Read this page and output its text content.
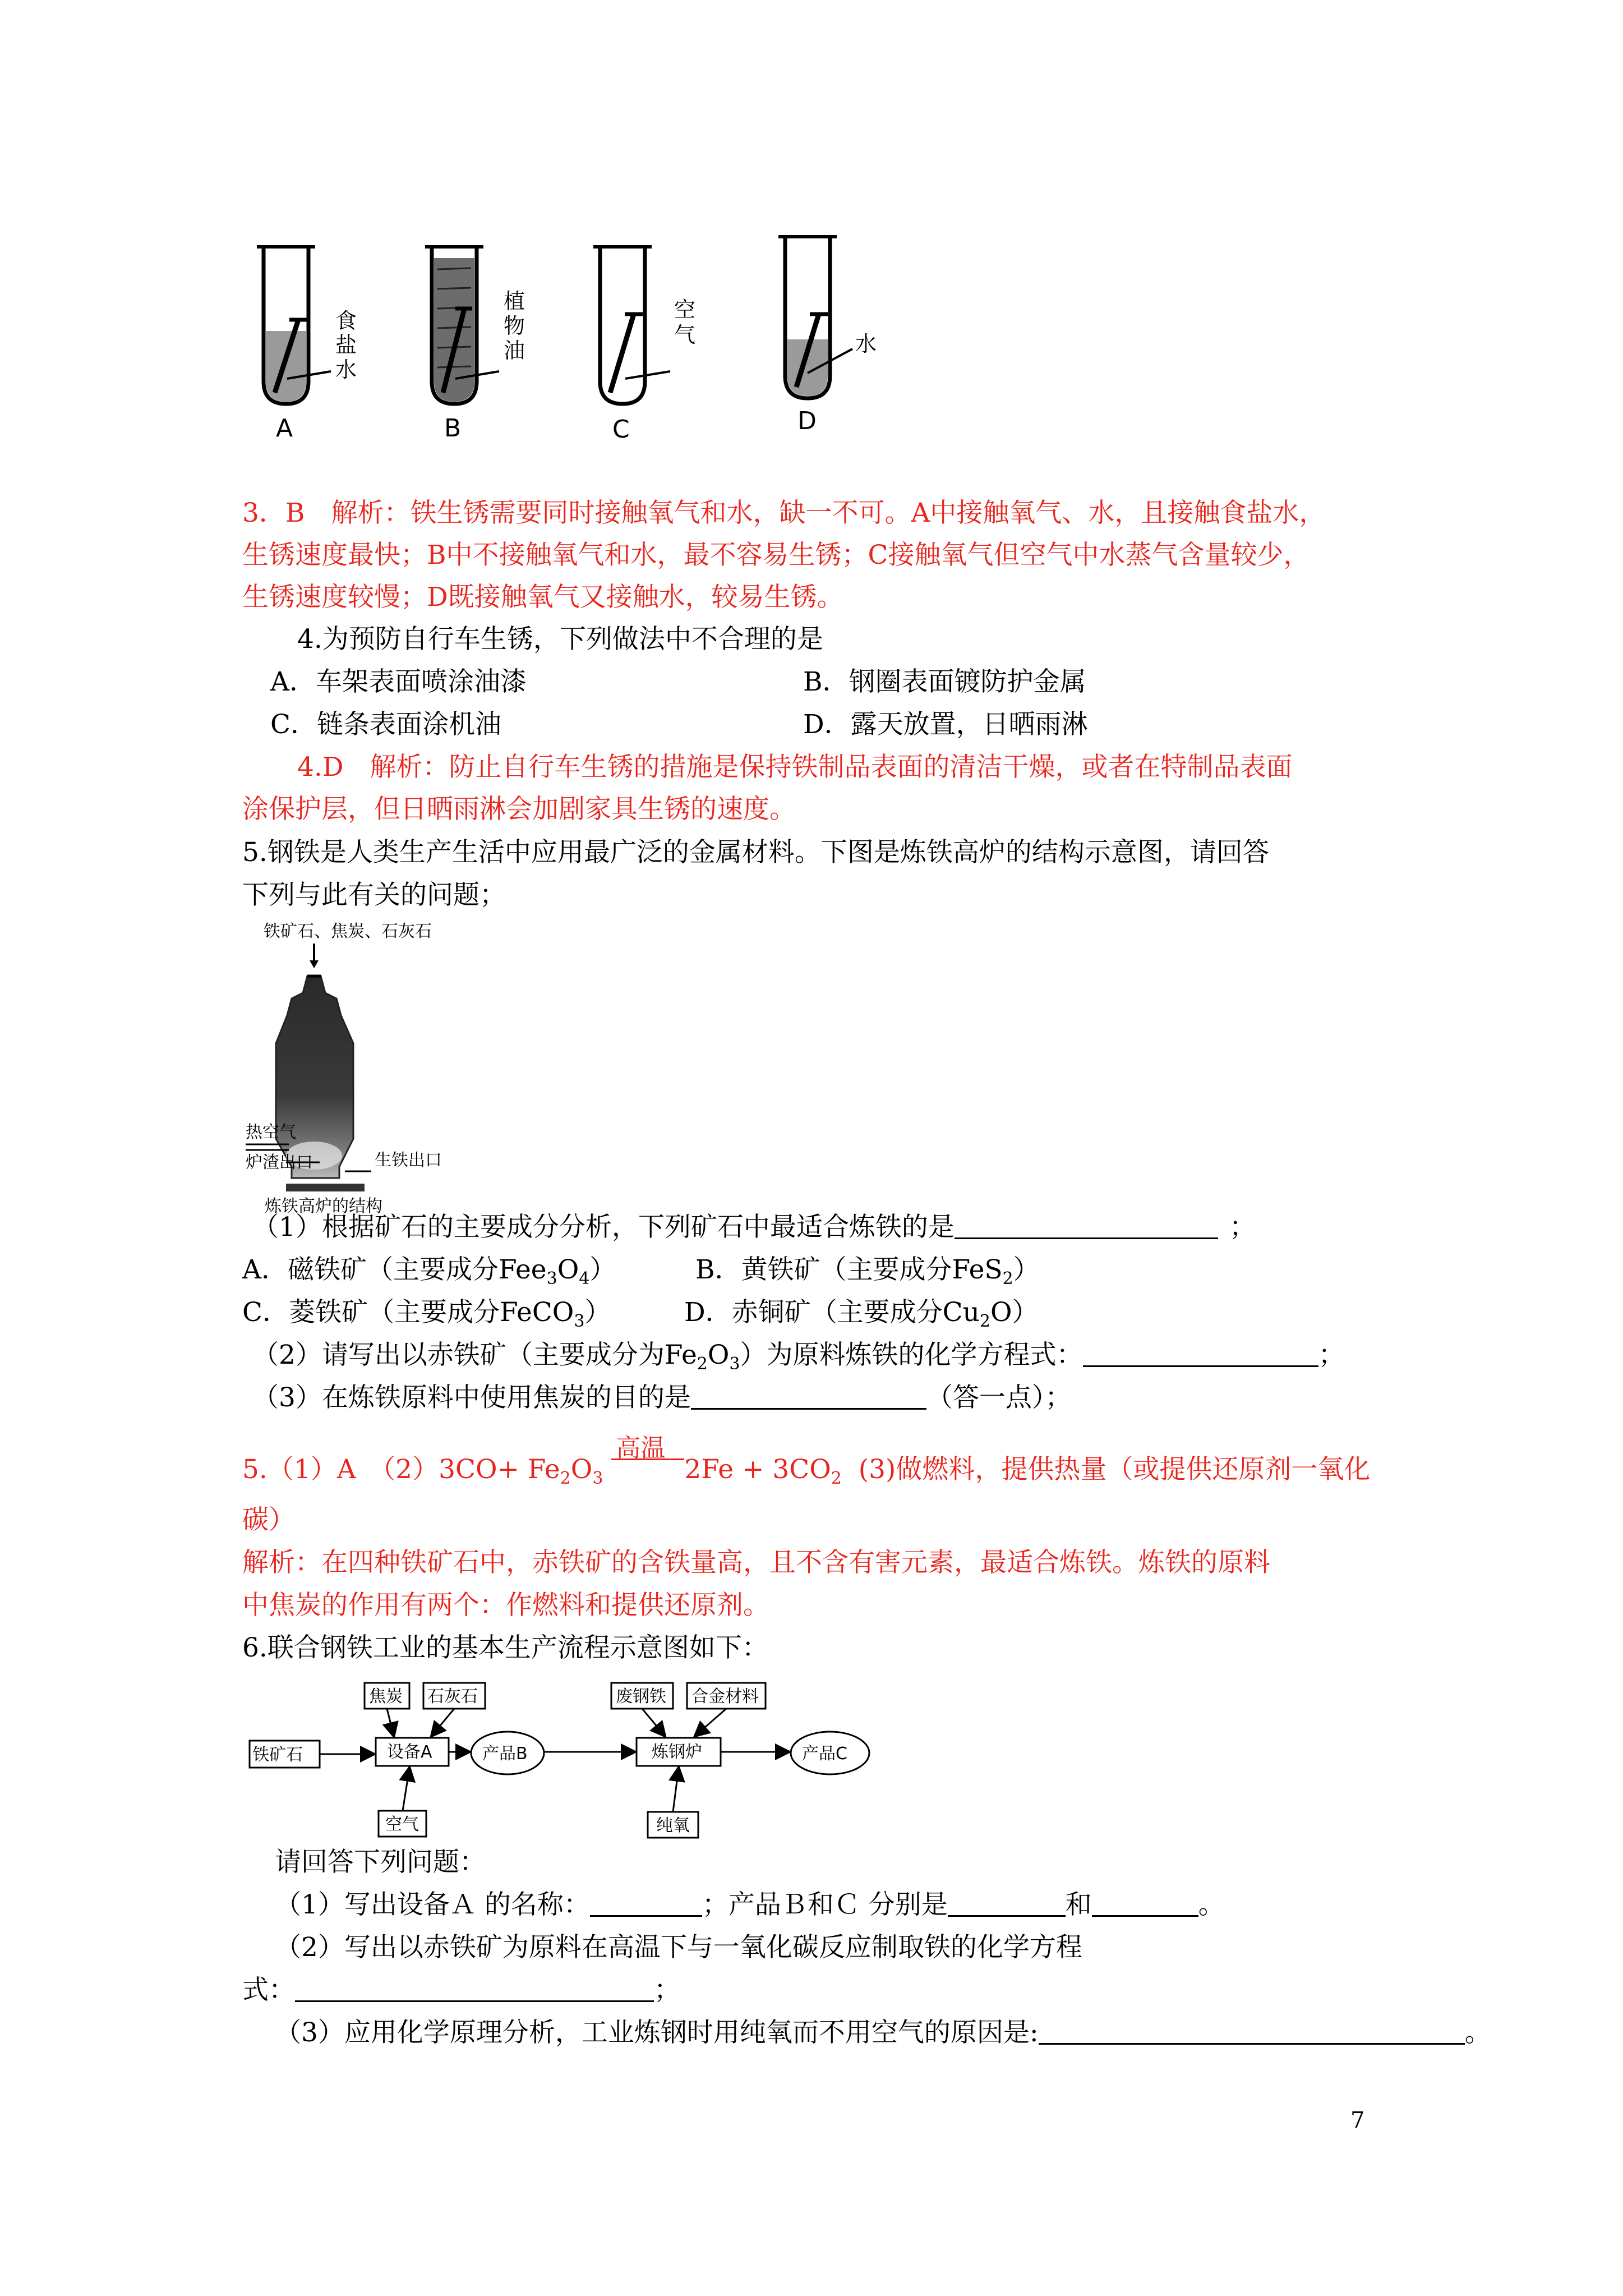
食
盐
水
A
植
物
油
B
空
气
C
水
D
3．B　解析：铁生锈需要同时接触氧气和水，缺一不可。A中接触氧气、水，且接触食盐水，
生锈速度最快；B中不接触氧气和水，最不容易生锈；C接触氧气但空气中水蒸气含量较少，
生锈速度较慢；D既接触氧气又接触水，较易生锈。
4.为预防自行车生锈，下列做法中不合理的是
A．车架表面喷涂油漆	B．钢圈表面镀防护金属
C．链条表面涂机油	D．露天放置，日晒雨淋
4.D　解析：防止自行车生锈的措施是保持铁制品表面的清洁干燥，或者在特制品表面
涂保护层，但日晒雨淋会加剧家具生锈的速度。
5.钢铁是人类生产生活中应用最广泛的金属材料。下图是炼铁高炉的结构示意图，请回答
下列与此有关的问题；
铁矿石、焦炭、石灰石
热空气
炉渣出口	生铁出口
炼铁高炉的结构
（1）根据矿石的主要成分分析，下列矿石中最适合炼铁的是	；
A．磁铁矿（主要成分$Fee_3O_4$）	B．黄铁矿（主要成分FeS$_2$）
C．菱铁矿（主要成分FeCO$_3$）	D．赤铜矿（主要成分$Cu_2O$）
（2）请写出以赤铁矿（主要成分为$Fe_2O_3$）为原料炼铁的化学方程式：	；
（3）在炼铁原料中使用焦炭的目的是	（答一点）；
5.（1）A　$(2)3CO+ Fe_2O_3$
高温
$2Fe + 3CO_2$ (3)做燃料，提供热量（或提供还原剂一氧化
碳）
解析：在四种铁矿石中，赤铁矿的含铁量高，且不含有害元素，最适合炼铁。炼铁的原料
中焦炭的作用有两个：作燃料和提供还原剂。
6.联合钢铁工业的基本生产流程示意图如下：
焦炭 石灰石
铁矿石	设备A
空气
产品B
废钢铁 合金材料
炼钢炉
纯氧
产品C
请回答下列问题：
（1）写出设备Ａ 的名称：	；产品Ｂ和Ｃ 分别是	和	。
（2）写出以赤铁矿为原料在高温下与一氧化碳反应制取铁的化学方程
式：	；
（3）应用化学原理分析，工业炼钢时用纯氧而不用空气的原因是:	。
7
